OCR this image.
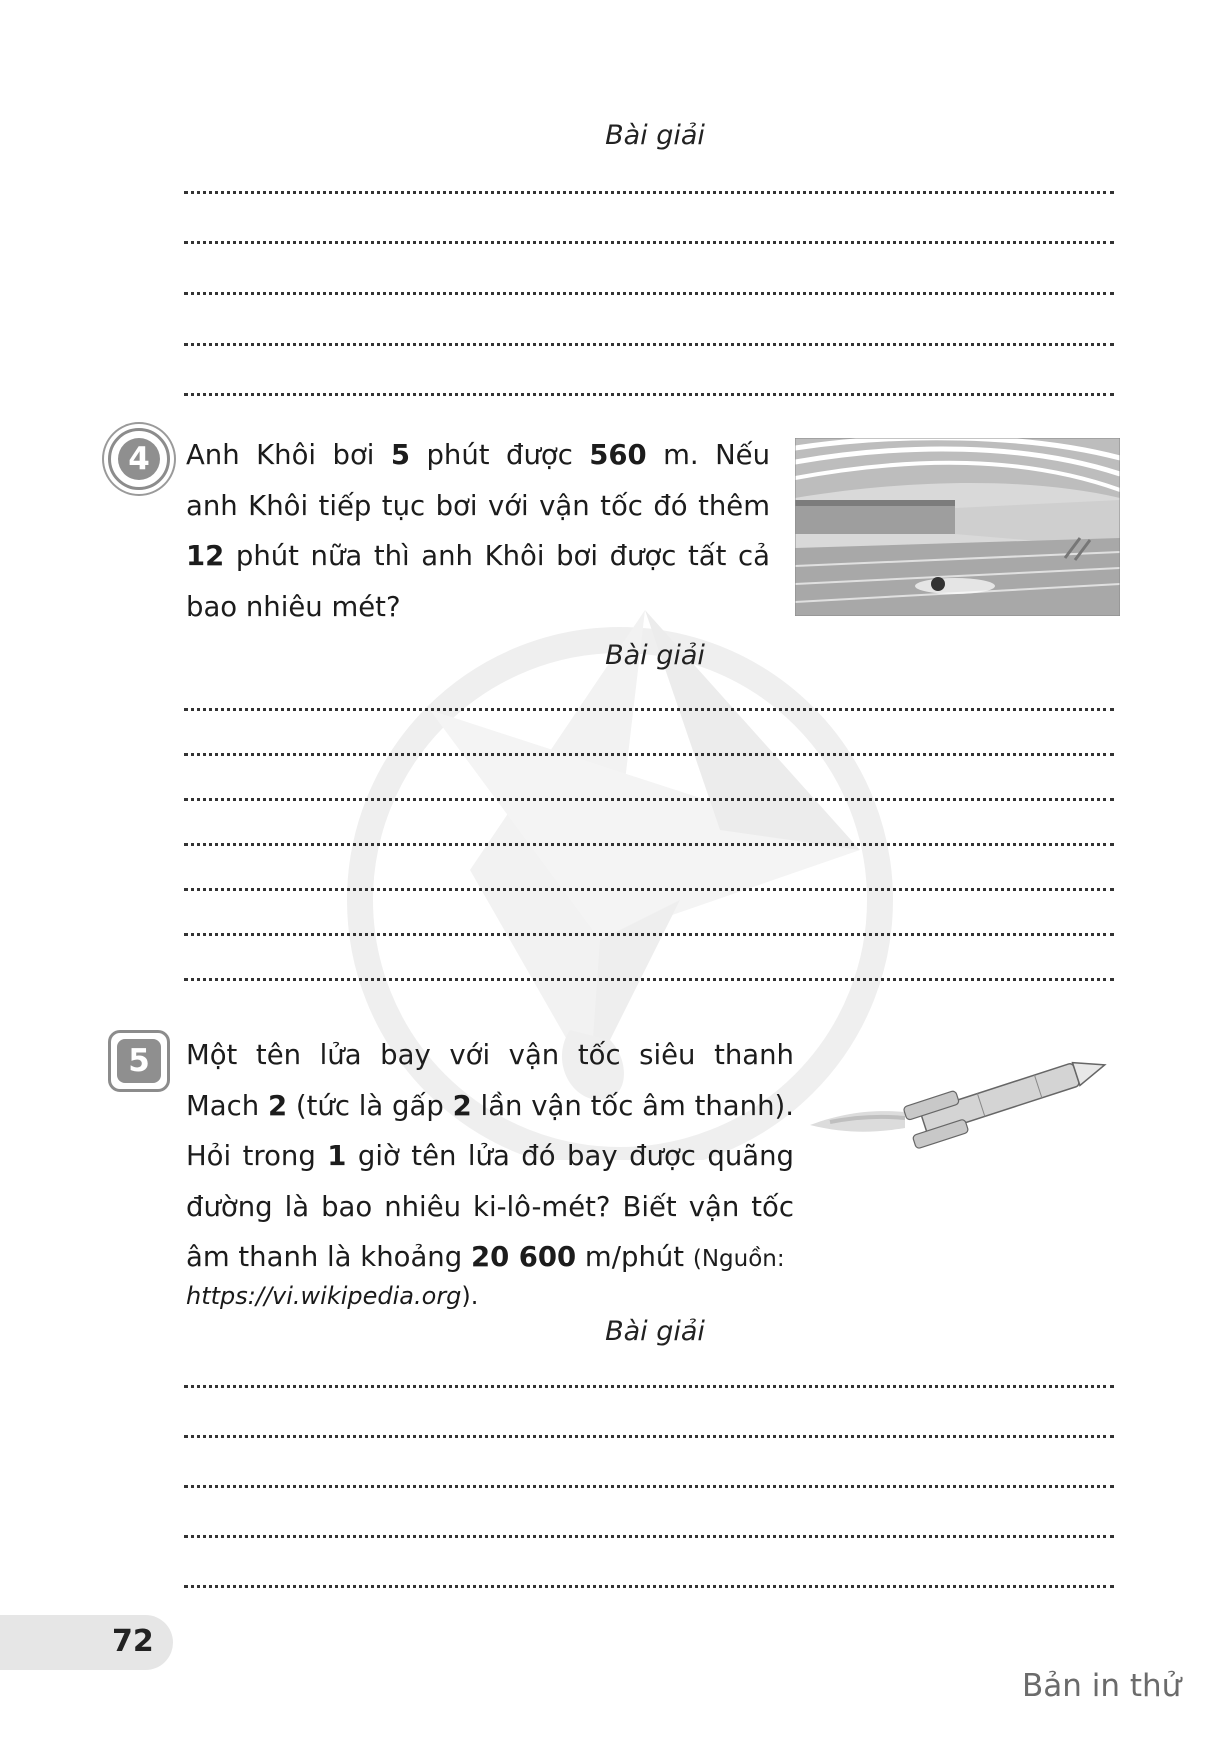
Bài giải
4	Anh Khôi bơi 5 phút được 560 m. Nếu
anh Khôi tiếp tục bơi với vận tốc đó thêm
12 phút nữa thì anh Khôi bơi được tất cả
bao nhiêu mét?
Bài giải
5	Một tên lửa bay với vận tốc siêu thanh
Mach 2 (tức là gấp 2 lần vận tốc âm thanh).
Hỏi trong 1 giờ tên lửa đó bay được quãng
đường là bao nhiêu ki-lô-mét? Biết vận tốc
âm thanh là khoảng 20 600 m/phút (Nguồn:
https://vi.wikipedia.org).
Bài giải
72
Bản in thử
